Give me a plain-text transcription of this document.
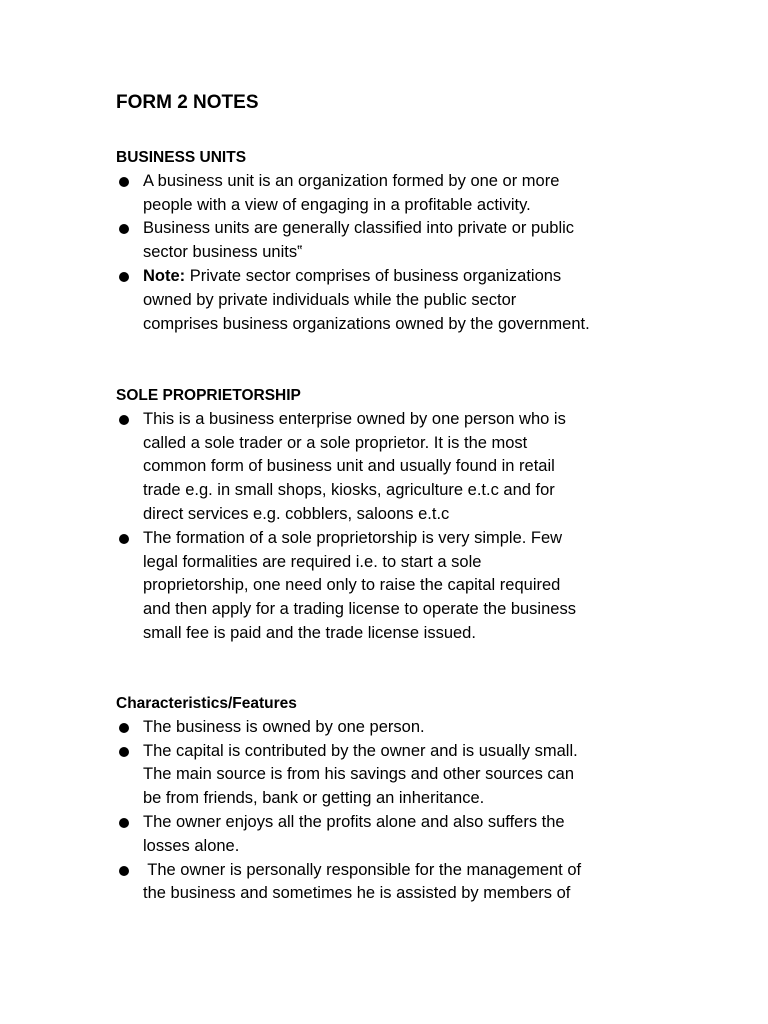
FORM 2 NOTES

BUSINESS UNITS

A business unit is an organization formed by one or more
people with a view of engaging in a profitable activity.
Business units are generally classified into private or public
sector business units‟
Note: Private sector comprises of business organizations
owned by private individuals while the public sector
comprises business organizations owned by the government.

SOLE PROPRIETORSHIP

This is a business enterprise owned by one person who is
called a sole trader or a sole proprietor. It is the most
common form of business unit and usually found in retail
trade e.g. in small shops, kiosks, agriculture e.t.c and for
direct services e.g. cobblers, saloons e.t.c
The formation of a sole proprietorship is very simple. Few
legal formalities are required i.e. to start a sole
proprietorship, one need only to raise the capital required
and then apply for a trading license to operate the business
small fee is paid and the trade license issued.

Characteristics/Features

The business is owned by one person.
The capital is contributed by the owner and is usually small.
The main source is from his savings and other sources can
be from friends, bank or getting an inheritance.
The owner enjoys all the profits alone and also suffers the
losses alone.
The owner is personally responsible for the management of
the business and sometimes he is assisted by members of
